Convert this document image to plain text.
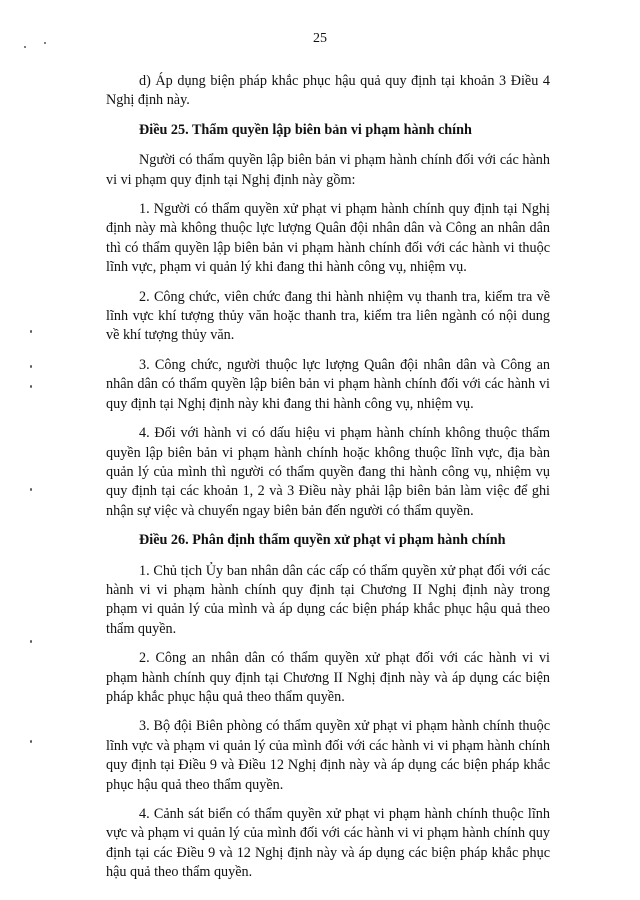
25

d) Áp dụng biện pháp khắc phục hậu quả quy định tại khoản 3 Điều 4 Nghị định này.

Điều 25. Thẩm quyền lập biên bản vi phạm hành chính

Người có thẩm quyền lập biên bản vi phạm hành chính đối với các hành vi vi phạm quy định tại Nghị định này gồm:

1. Người có thẩm quyền xử phạt vi phạm hành chính quy định tại Nghị định này mà không thuộc lực lượng Quân đội nhân dân và Công an nhân dân thì có thẩm quyền lập biên bản vi phạm hành chính đối với các hành vi thuộc lĩnh vực, phạm vi quản lý khi đang thi hành công vụ, nhiệm vụ.

2. Công chức, viên chức đang thi hành nhiệm vụ thanh tra, kiểm tra về lĩnh vực khí tượng thủy văn hoặc thanh tra, kiểm tra liên ngành có nội dung về khí tượng thủy văn.

3. Công chức, người thuộc lực lượng Quân đội nhân dân và Công an nhân dân có thẩm quyền lập biên bản vi phạm hành chính đối với các hành vi quy định tại Nghị định này khi đang thi hành công vụ, nhiệm vụ.

4. Đối với hành vi có dấu hiệu vi phạm hành chính không thuộc thẩm quyền lập biên bản vi phạm hành chính hoặc không thuộc lĩnh vực, địa bàn quản lý của mình thì người có thẩm quyền đang thi hành công vụ, nhiệm vụ quy định tại các khoản 1, 2 và 3 Điều này phải lập biên bản làm việc để ghi nhận sự việc và chuyển ngay biên bản đến người có thẩm quyền.

Điều 26. Phân định thẩm quyền xử phạt vi phạm hành chính

1. Chủ tịch Ủy ban nhân dân các cấp có thẩm quyền xử phạt đối với các hành vi vi phạm hành chính quy định tại Chương II Nghị định này trong phạm vi quản lý của mình và áp dụng các biện pháp khắc phục hậu quả theo thẩm quyền.

2. Công an nhân dân có thẩm quyền xử phạt đối với các hành vi vi phạm hành chính quy định tại Chương II Nghị định này và áp dụng các biện pháp khắc phục hậu quả theo thẩm quyền.

3. Bộ đội Biên phòng có thẩm quyền xử phạt vi phạm hành chính thuộc lĩnh vực và phạm vi quản lý của mình đối với các hành vi vi phạm hành chính quy định tại Điều 9 và Điều 12 Nghị định này và áp dụng các biện pháp khắc phục hậu quả theo thẩm quyền.

4. Cảnh sát biển có thẩm quyền xử phạt vi phạm hành chính thuộc lĩnh vực và phạm vi quản lý của mình đối với các hành vi vi phạm hành chính quy định tại các Điều 9 và 12 Nghị định này và áp dụng các biện pháp khắc phục hậu quả theo thẩm quyền.
